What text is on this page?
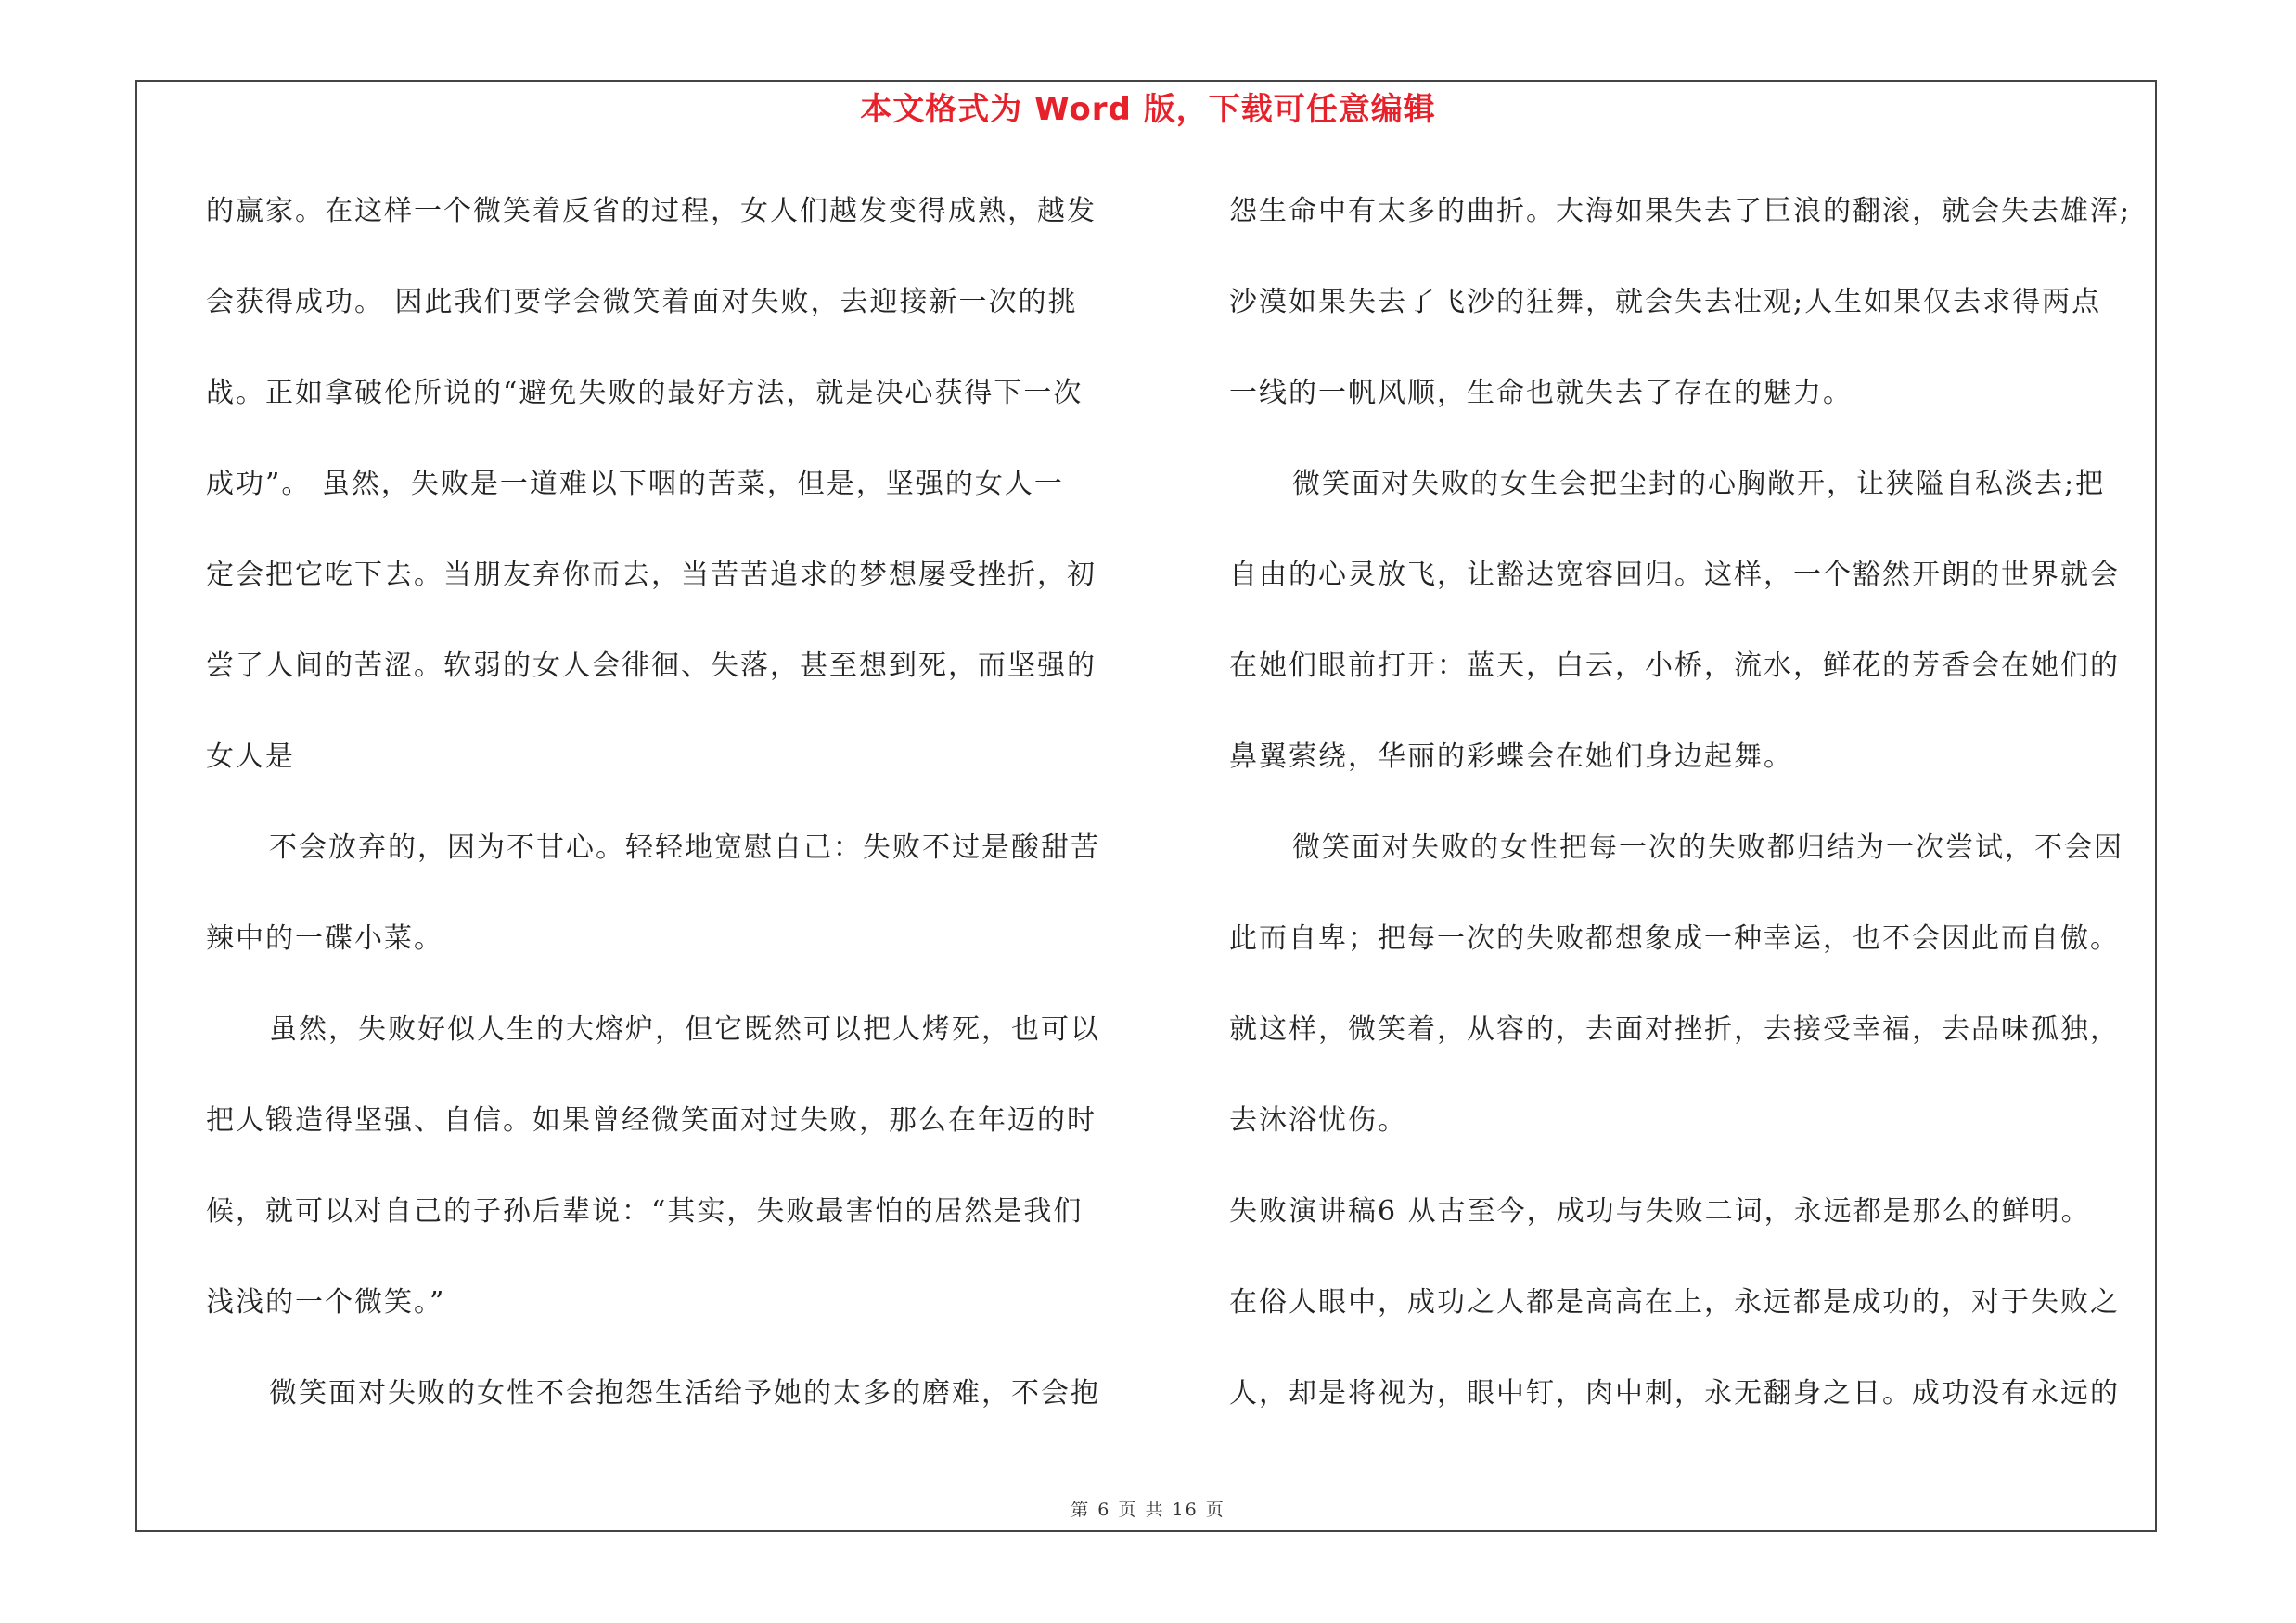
本文格式为 Word 版，下载可任意编辑
的赢家。在这样一个微笑着反省的过程，女人们越发变得成熟，越发
会获得成功。 因此我们要学会微笑着面对失败，去迎接新一次的挑
战。正如拿破伦所说的“避免失败的最好方法，就是决心获得下一次
成功”。 虽然，失败是一道难以下咽的苦菜，但是，坚强的女人一
定会把它吃下去。当朋友弃你而去，当苦苦追求的梦想屡受挫折，初
尝了人间的苦涩。软弱的女人会徘徊、失落，甚至想到死，而坚强的
女人是
不会放弃的，因为不甘心。轻轻地宽慰自己：失败不过是酸甜苦
辣中的一碟小菜。
虽然，失败好似人生的大熔炉，但它既然可以把人烤死，也可以
把人锻造得坚强、自信。如果曾经微笑面对过失败，那么在年迈的时
候，就可以对自己的子孙后辈说：“其实，失败最害怕的居然是我们
浅浅的一个微笑。”
微笑面对失败的女性不会抱怨生活给予她的太多的磨难，不会抱
怨生命中有太多的曲折。大海如果失去了巨浪的翻滚，就会失去雄浑;
沙漠如果失去了飞沙的狂舞，就会失去壮观;人生如果仅去求得两点
一线的一帆风顺，生命也就失去了存在的魅力。
微笑面对失败的女生会把尘封的心胸敞开，让狭隘自私淡去;把
自由的心灵放飞，让豁达宽容回归。这样，一个豁然开朗的世界就会
在她们眼前打开：蓝天，白云，小桥，流水，鲜花的芳香会在她们的
鼻翼萦绕，华丽的彩蝶会在她们身边起舞。
微笑面对失败的女性把每一次的失败都归结为一次尝试，不会因
此而自卑；把每一次的失败都想象成一种幸运，也不会因此而自傲。
就这样，微笑着，从容的，去面对挫折，去接受幸福，去品味孤独，
去沐浴忧伤。
失败演讲稿6 从古至今，成功与失败二词，永远都是那么的鲜明。
在俗人眼中，成功之人都是高高在上，永远都是成功的，对于失败之
人，却是将视为，眼中钉，肉中刺，永无翻身之日。成功没有永远的
第 6 页 共 16 页
